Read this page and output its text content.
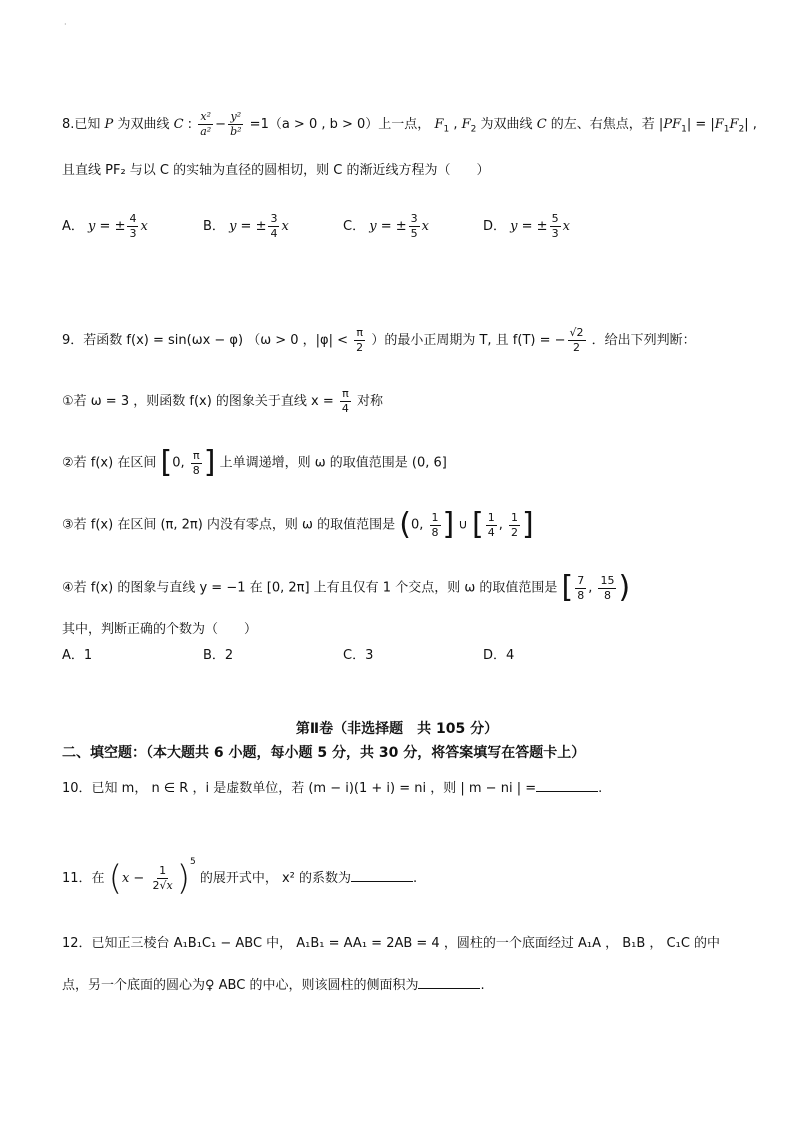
·
8.已知 P 为双曲线 C : $\frac{\text{x²}}{\text{a²}} - \frac{\text{y²}}{\text{b²}} =1(a > 0$ , b > 0）上一点， $F_1$ , $F_2$ 为双曲线 C 的左、右焦点，若 $|PF_1| = |F_1F_2|$ ,
且直线 PF₂ 与以 C 的实轴为直径的圆相切，则 C 的渐近线方程为（　　）
A． y = ± $\frac{4}{3}$ x	B． y = ± $\frac{3}{4}$ x	C． y = ± $\frac{3}{5}$ x	D． y = ± $\frac{5}{3}$ x
9．若函数 f(x) = sin(ωx − φ) （ω > 0 ，$|\varphi| < \frac{\pi}{2}$ ）的最小正周期为 T, 且 f(T) = − $\frac{√2}{2}$ ．给出下列判断：
①若 ω = 3 ，则函数 f(x) 的图象关于直线 $x = \frac{\pi}{4}$ 对称
②若 f(x) 在区间 [0, $\frac{\pi}{8}$ ] 上单调递增，则 ω 的取值范围是 (0, 6]
③若 f(x) 在区间 (π, 2π) 内没有零点，则 ω 的取值范围是 (0, $\frac{1}{8}$ ] ∪ [ $\frac{1}{4}$ , $\frac{1}{2}$ ]
④若 f(x) 的图象与直线 y = −1 在 [0, 2π] 上有且仅有 1 个交点，则 ω 的取值范围是 [ $\frac{7}{8}$ , $\frac{15}{8}$ )
其中，判断正确的个数为（　　）
A．1	B．2	C．3	D．4
第Ⅱ卷（非选择题　共 105 分）
二、填空题：（本大题共 6 小题，每小题 5 分，共 30 分，将答案填写在答题卡上）
10．已知 m， n ∈ R ，i 是虚数单位，若 (m − i)(1 + i) = ni ，则 | m − ni | =	.
11．在 $(x - \frac{1}{2√x} )^5$ 的展开式中， x² 的系数为	.
12．已知正三棱台 A₁B₁C₁ − ABC 中， A₁B₁ = AA₁ = 2AB = 4 ，圆柱的一个底面经过 A₁A ， B₁B ， C₁C 的中
点，另一个底面的圆心为♀ ABC 的中心，则该圆柱的侧面积为	.
